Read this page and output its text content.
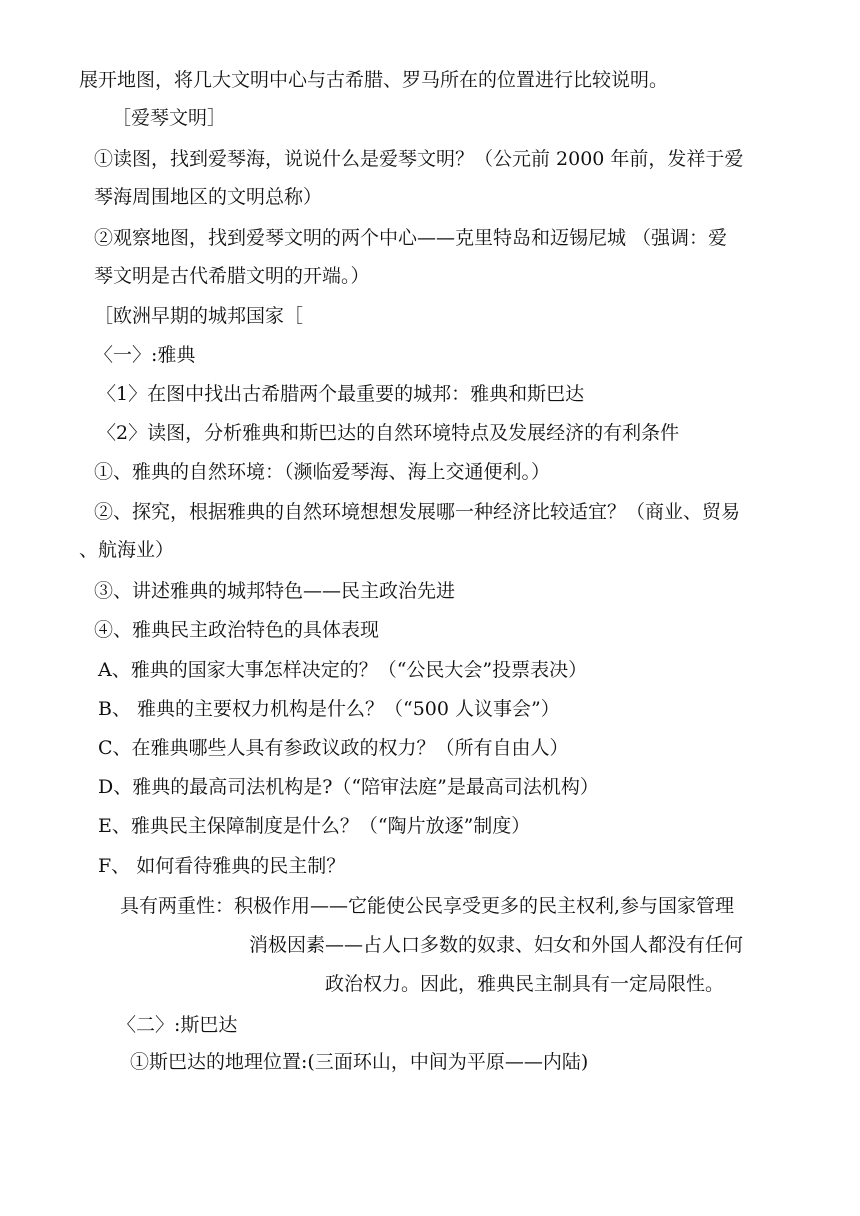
展开地图，将几大文明中心与古希腊、罗马所在的位置进行比较说明。
［爱琴文明］
①读图，找到爱琴海，说说什么是爱琴文明？（公元前 2000 年前，发祥于爱
琴海周围地区的文明总称）
②观察地图，找到爱琴文明的两个中心——克里特岛和迈锡尼城 （强调：爱
琴文明是古代希腊文明的开端。）
［欧洲早期的城邦国家［
〈一〉:雅典
〈1〉在图中找出古希腊两个最重要的城邦：雅典和斯巴达
〈2〉读图，分析雅典和斯巴达的自然环境特点及发展经济的有利条件
①、雅典的自然环境：（濒临爱琴海、海上交通便利。）
②、探究，根据雅典的自然环境想想发展哪一种经济比较适宜？（商业、贸易
、航海业）
③、讲述雅典的城邦特色——民主政治先进
④、雅典民主政治特色的具体表现
A、雅典的国家大事怎样决定的？（“公民大会”投票表决）
B、 雅典的主要权力机构是什么？（“500 人议事会”）
C、在雅典哪些人具有参政议政的权力？（所有自由人）
D、雅典的最高司法机构是?（“陪审法庭”是最高司法机构）
E、雅典民主保障制度是什么？（“陶片放逐”制度）
F、 如何看待雅典的民主制？
具有两重性：积极作用——它能使公民享受更多的民主权利,参与国家管理
消极因素——占人口多数的奴隶、妇女和外国人都没有任何
政治权力。因此，雅典民主制具有一定局限性。
〈二〉:斯巴达
①斯巴达的地理位置:(三面环山，中间为平原——内陆)
